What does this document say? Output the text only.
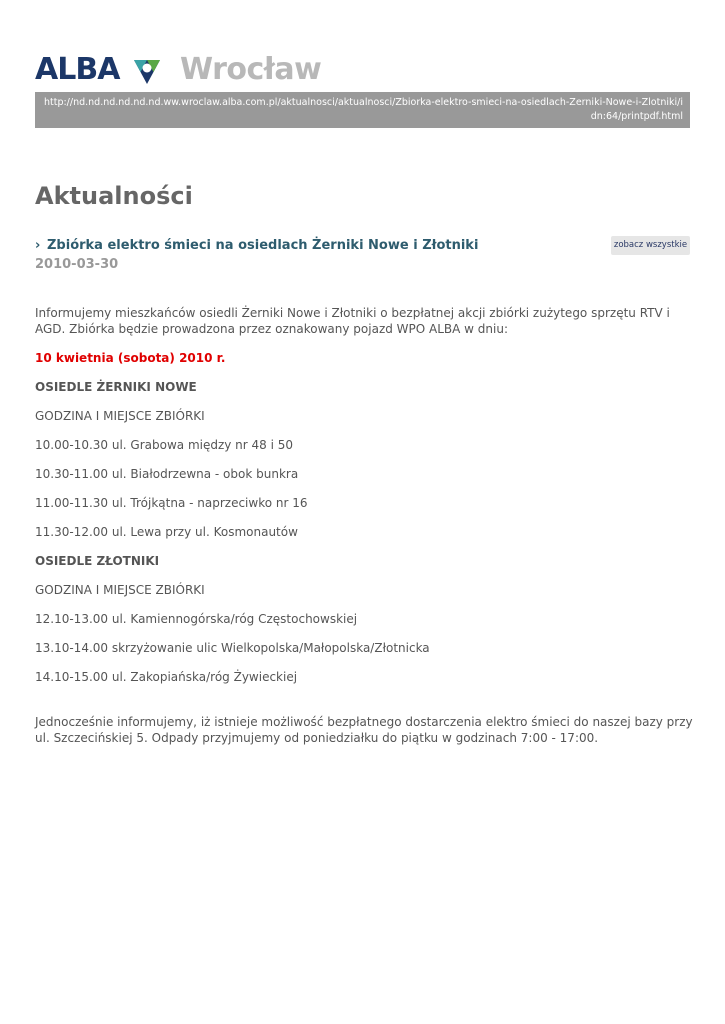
ALBA Wrocław
http://nd.nd.nd.nd.nd.nd.ww.wroclaw.alba.com.pl/aktualnosci/aktualnosci/Zbiorka-elektro-smieci-na-osiedlach-Zerniki-Nowe-i-Zlotniki/idn:64/printpdf.html
Aktualności
› Zbiórka elektro śmieci na osiedlach Żerniki Nowe i Złotniki
2010-03-30
zobacz wszystkie

Informujemy mieszkańców osiedli Żerniki Nowe i Złotniki o bezpłatnej akcji zbiórki zużytego sprzętu RTV i AGD. Zbiórka będzie prowadzona przez oznakowany pojazd WPO ALBA w dniu:

10 kwietnia (sobota) 2010 r.

OSIEDLE ŻERNIKI NOWE

GODZINA I MIEJSCE ZBIÓRKI

10.00-10.30 ul. Grabowa między nr 48 i 50

10.30-11.00 ul. Białodrzewna - obok bunkra

11.00-11.30 ul. Trójkątna - naprzeciwko nr 16

11.30-12.00 ul. Lewa przy ul. Kosmonautów

OSIEDLE ZŁOTNIKI

GODZINA I MIEJSCE ZBIÓRKI

12.10-13.00 ul. Kamiennogórska/róg Częstochowskiej

13.10-14.00 skrzyżowanie ulic Wielkopolska/Małopolska/Złotnicka

14.10-15.00 ul. Zakopiańska/róg Żywieckiej

Jednocześnie informujemy, iż istnieje możliwość bezpłatnego dostarczenia elektro śmieci do naszej bazy przy ul. Szczecińskiej 5. Odpady przyjmujemy od poniedziałku do piątku w godzinach 7:00 - 17:00.
